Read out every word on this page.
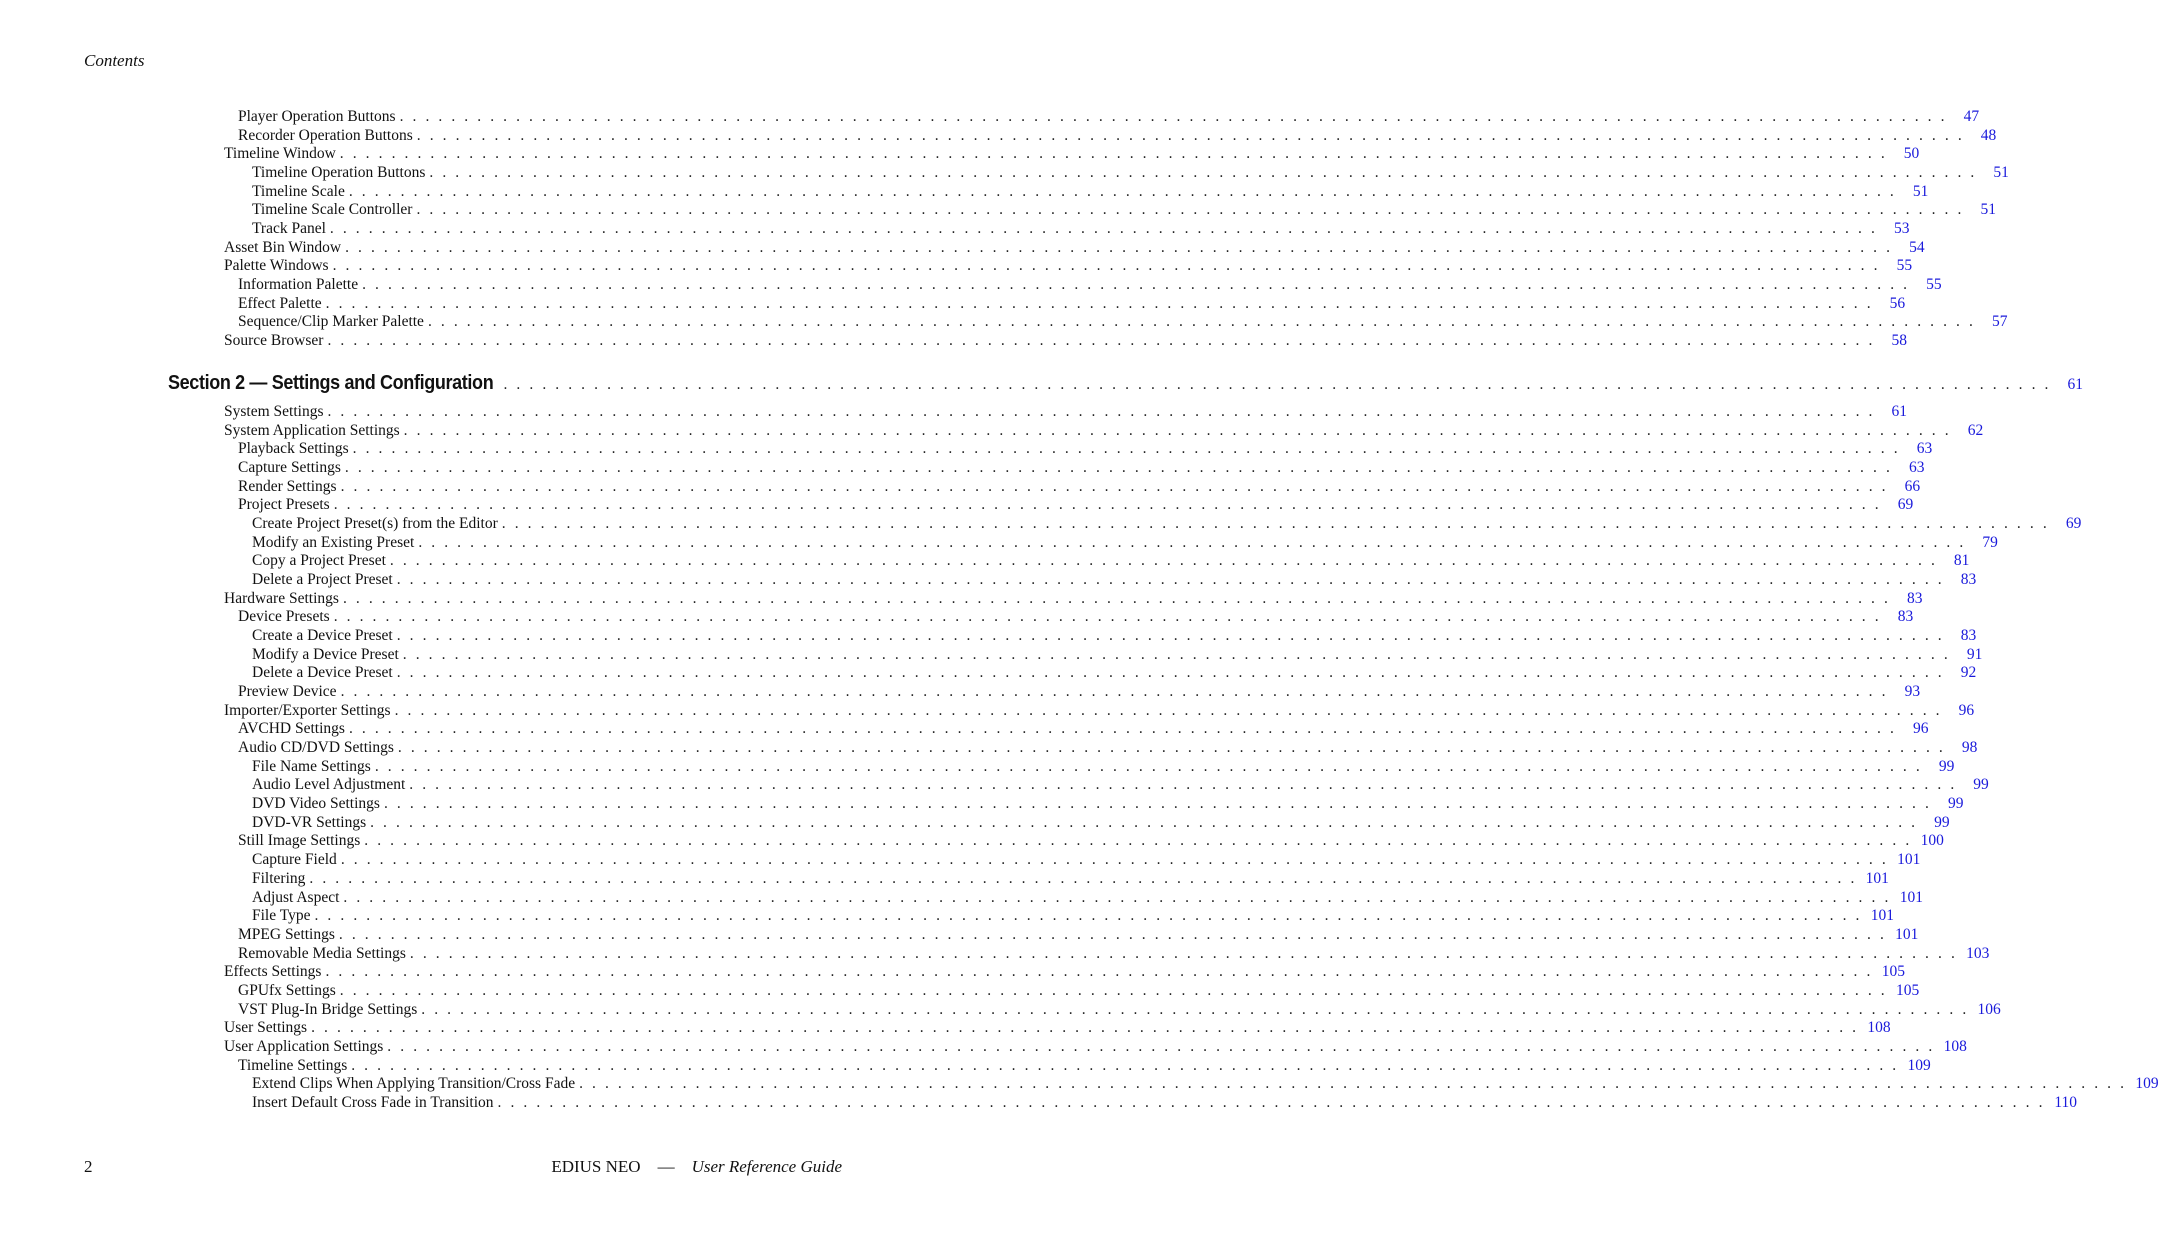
Contents
Player Operation Buttons . . . . . . . . . . . . . . . . . . . . . . . . . . . . . . . . . . . . . . . . . . . . . . . . . . . . . . . . . . . . . . . . . . . . . . . . . . . . . . . . . . . . . . . . . . . . . . . . . . . . . . . . . . . . . . . . . . . . . . . .	47
Recorder Operation Buttons . . . . . . . . . . . . . . . . . . . . . . . . . . . . . . . . . . . . . . . . . . . . . . . . . . . . . . . . . . . . . . . . . . . . . . . . . . . . . . . . . . . . . . . . . . . . . . . . . . . . . . . . . . . . . . . . . . . . . . . .	48
Timeline Window . . . . . . . . . . . . . . . . . . . . . . . . . . . . . . . . . . . . . . . . . . . . . . . . . . . . . . . . . . . . . . . . . . . . . . . . . . . . . . . . . . . . . . . . . . . . . . . . . . . . . . . . . . . . . . . . . . . . . . . .	50
Timeline Operation Buttons . . . . . . . . . . . . . . . . . . . . . . . . . . . . . . . . . . . . . . . . . . . . . . . . . . . . . . . . . . . . . . . . . . . . . . . . . . . . . . . . . . . . . . . . . . . . . . . . . . . . . . . . . . . . . . . . . . . . . . . .	51
Timeline Scale . . . . . . . . . . . . . . . . . . . . . . . . . . . . . . . . . . . . . . . . . . . . . . . . . . . . . . . . . . . . . . . . . . . . . . . . . . . . . . . . . . . . . . . . . . . . . . . . . . . . . . . . . . . . . . . . . . . . . . . .	51
Timeline Scale Controller . . . . . . . . . . . . . . . . . . . . . . . . . . . . . . . . . . . . . . . . . . . . . . . . . . . . . . . . . . . . . . . . . . . . . . . . . . . . . . . . . . . . . . . . . . . . . . . . . . . . . . . . . . . . . . . . . . . . . . . .	51
Track Panel . . . . . . . . . . . . . . . . . . . . . . . . . . . . . . . . . . . . . . . . . . . . . . . . . . . . . . . . . . . . . . . . . . . . . . . . . . . . . . . . . . . . . . . . . . . . . . . . . . . . . . . . . . . . . . . . . . . . . . . .	53
Asset Bin Window . . . . . . . . . . . . . . . . . . . . . . . . . . . . . . . . . . . . . . . . . . . . . . . . . . . . . . . . . . . . . . . . . . . . . . . . . . . . . . . . . . . . . . . . . . . . . . . . . . . . . . . . . . . . . . . . . . . . . . . .	54
Palette Windows . . . . . . . . . . . . . . . . . . . . . . . . . . . . . . . . . . . . . . . . . . . . . . . . . . . . . . . . . . . . . . . . . . . . . . . . . . . . . . . . . . . . . . . . . . . . . . . . . . . . . . . . . . . . . . . . . . . . . . . .	55
Information Palette . . . . . . . . . . . . . . . . . . . . . . . . . . . . . . . . . . . . . . . . . . . . . . . . . . . . . . . . . . . . . . . . . . . . . . . . . . . . . . . . . . . . . . . . . . . . . . . . . . . . . . . . . . . . . . . . . . . . . . . .	55
Effect Palette . . . . . . . . . . . . . . . . . . . . . . . . . . . . . . . . . . . . . . . . . . . . . . . . . . . . . . . . . . . . . . . . . . . . . . . . . . . . . . . . . . . . . . . . . . . . . . . . . . . . . . . . . . . . . . . . . . . . . . . .	56
Sequence/Clip Marker Palette . . . . . . . . . . . . . . . . . . . . . . . . . . . . . . . . . . . . . . . . . . . . . . . . . . . . . . . . . . . . . . . . . . . . . . . . . . . . . . . . . . . . . . . . . . . . . . . . . . . . . . . . . . . . . . . . . . . . . . . .	57
Source Browser . . . . . . . . . . . . . . . . . . . . . . . . . . . . . . . . . . . . . . . . . . . . . . . . . . . . . . . . . . . . . . . . . . . . . . . . . . . . . . . . . . . . . . . . . . . . . . . . . . . . . . . . . . . . . . . . . . . . . . . .	58
Section 2 — Settings and Configuration . . . . . . . . . . . . . . . . . . . . . . . . . . . . . . . . . . . . . . . . . . . . . . . . . . . . . . . . . . . . . . . . . . . . . . . . . . . . . . . . . . . . . . . . . . . . . . . . . . . . . . . . . . . . . . . . . . . . . . . .	61
System Settings . . . . . . . . . . . . . . . . . . . . . . . . . . . . . . . . . . . . . . . . . . . . . . . . . . . . . . . . . . . . . . . . . . . . . . . . . . . . . . . . . . . . . . . . . . . . . . . . . . . . . . . . . . . . . . . . . . . . . . . .	61
System Application Settings . . . . . . . . . . . . . . . . . . . . . . . . . . . . . . . . . . . . . . . . . . . . . . . . . . . . . . . . . . . . . . . . . . . . . . . . . . . . . . . . . . . . . . . . . . . . . . . . . . . . . . . . . . . . . . . . . . . . . . . .	62
Playback Settings . . . . . . . . . . . . . . . . . . . . . . . . . . . . . . . . . . . . . . . . . . . . . . . . . . . . . . . . . . . . . . . . . . . . . . . . . . . . . . . . . . . . . . . . . . . . . . . . . . . . . . . . . . . . . . . . . . . . . . . .	63
Capture Settings . . . . . . . . . . . . . . . . . . . . . . . . . . . . . . . . . . . . . . . . . . . . . . . . . . . . . . . . . . . . . . . . . . . . . . . . . . . . . . . . . . . . . . . . . . . . . . . . . . . . . . . . . . . . . . . . . . . . . . . .	63
Render Settings . . . . . . . . . . . . . . . . . . . . . . . . . . . . . . . . . . . . . . . . . . . . . . . . . . . . . . . . . . . . . . . . . . . . . . . . . . . . . . . . . . . . . . . . . . . . . . . . . . . . . . . . . . . . . . . . . . . . . . . .	66
Project Presets . . . . . . . . . . . . . . . . . . . . . . . . . . . . . . . . . . . . . . . . . . . . . . . . . . . . . . . . . . . . . . . . . . . . . . . . . . . . . . . . . . . . . . . . . . . . . . . . . . . . . . . . . . . . . . . . . . . . . . . .	69
Create Project Preset(s) from the Editor . . . . . . . . . . . . . . . . . . . . . . . . . . . . . . . . . . . . . . . . . . . . . . . . . . . . . . . . . . . . . . . . . . . . . . . . . . . . . . . . . . . . . . . . . . . . . . . . . . . . . . . . . . . . . . . . . . . . . . . .	69
Modify an Existing Preset . . . . . . . . . . . . . . . . . . . . . . . . . . . . . . . . . . . . . . . . . . . . . . . . . . . . . . . . . . . . . . . . . . . . . . . . . . . . . . . . . . . . . . . . . . . . . . . . . . . . . . . . . . . . . . . . . . . . . . . .	79
Copy a Project Preset . . . . . . . . . . . . . . . . . . . . . . . . . . . . . . . . . . . . . . . . . . . . . . . . . . . . . . . . . . . . . . . . . . . . . . . . . . . . . . . . . . . . . . . . . . . . . . . . . . . . . . . . . . . . . . . . . . . . . . . .	81
Delete a Project Preset . . . . . . . . . . . . . . . . . . . . . . . . . . . . . . . . . . . . . . . . . . . . . . . . . . . . . . . . . . . . . . . . . . . . . . . . . . . . . . . . . . . . . . . . . . . . . . . . . . . . . . . . . . . . . . . . . . . . . . . .	83
Hardware Settings . . . . . . . . . . . . . . . . . . . . . . . . . . . . . . . . . . . . . . . . . . . . . . . . . . . . . . . . . . . . . . . . . . . . . . . . . . . . . . . . . . . . . . . . . . . . . . . . . . . . . . . . . . . . . . . . . . . . . . . .	83
Device Presets . . . . . . . . . . . . . . . . . . . . . . . . . . . . . . . . . . . . . . . . . . . . . . . . . . . . . . . . . . . . . . . . . . . . . . . . . . . . . . . . . . . . . . . . . . . . . . . . . . . . . . . . . . . . . . . . . . . . . . . .	83
Create a Device Preset . . . . . . . . . . . . . . . . . . . . . . . . . . . . . . . . . . . . . . . . . . . . . . . . . . . . . . . . . . . . . . . . . . . . . . . . . . . . . . . . . . . . . . . . . . . . . . . . . . . . . . . . . . . . . . . . . . . . . . . .	83
Modify a Device Preset . . . . . . . . . . . . . . . . . . . . . . . . . . . . . . . . . . . . . . . . . . . . . . . . . . . . . . . . . . . . . . . . . . . . . . . . . . . . . . . . . . . . . . . . . . . . . . . . . . . . . . . . . . . . . . . . . . . . . . . .	91
Delete a Device Preset . . . . . . . . . . . . . . . . . . . . . . . . . . . . . . . . . . . . . . . . . . . . . . . . . . . . . . . . . . . . . . . . . . . . . . . . . . . . . . . . . . . . . . . . . . . . . . . . . . . . . . . . . . . . . . . . . . . . . . . .	92
Preview Device . . . . . . . . . . . . . . . . . . . . . . . . . . . . . . . . . . . . . . . . . . . . . . . . . . . . . . . . . . . . . . . . . . . . . . . . . . . . . . . . . . . . . . . . . . . . . . . . . . . . . . . . . . . . . . . . . . . . . . . .	93
Importer/Exporter Settings . . . . . . . . . . . . . . . . . . . . . . . . . . . . . . . . . . . . . . . . . . . . . . . . . . . . . . . . . . . . . . . . . . . . . . . . . . . . . . . . . . . . . . . . . . . . . . . . . . . . . . . . . . . . . . . . . . . . . . . .	96
AVCHD Settings . . . . . . . . . . . . . . . . . . . . . . . . . . . . . . . . . . . . . . . . . . . . . . . . . . . . . . . . . . . . . . . . . . . . . . . . . . . . . . . . . . . . . . . . . . . . . . . . . . . . . . . . . . . . . . . . . . . . . . . .	96
Audio CD/DVD Settings . . . . . . . . . . . . . . . . . . . . . . . . . . . . . . . . . . . . . . . . . . . . . . . . . . . . . . . . . . . . . . . . . . . . . . . . . . . . . . . . . . . . . . . . . . . . . . . . . . . . . . . . . . . . . . . . . . . . . . . .	98
File Name Settings . . . . . . . . . . . . . . . . . . . . . . . . . . . . . . . . . . . . . . . . . . . . . . . . . . . . . . . . . . . . . . . . . . . . . . . . . . . . . . . . . . . . . . . . . . . . . . . . . . . . . . . . . . . . . . . . . . . . . . . .	99
Audio Level Adjustment . . . . . . . . . . . . . . . . . . . . . . . . . . . . . . . . . . . . . . . . . . . . . . . . . . . . . . . . . . . . . . . . . . . . . . . . . . . . . . . . . . . . . . . . . . . . . . . . . . . . . . . . . . . . . . . . . . . . . . . .	99
DVD Video Settings . . . . . . . . . . . . . . . . . . . . . . . . . . . . . . . . . . . . . . . . . . . . . . . . . . . . . . . . . . . . . . . . . . . . . . . . . . . . . . . . . . . . . . . . . . . . . . . . . . . . . . . . . . . . . . . . . . . . . . . .	99
DVD-VR Settings . . . . . . . . . . . . . . . . . . . . . . . . . . . . . . . . . . . . . . . . . . . . . . . . . . . . . . . . . . . . . . . . . . . . . . . . . . . . . . . . . . . . . . . . . . . . . . . . . . . . . . . . . . . . . . . . . . . . . . . .	99
Still Image Settings . . . . . . . . . . . . . . . . . . . . . . . . . . . . . . . . . . . . . . . . . . . . . . . . . . . . . . . . . . . . . . . . . . . . . . . . . . . . . . . . . . . . . . . . . . . . . . . . . . . . . . . . . . . . . . . . . . . . . . . . 100
Capture Field . . . . . . . . . . . . . . . . . . . . . . . . . . . . . . . . . . . . . . . . . . . . . . . . . . . . . . . . . . . . . . . . . . . . . . . . . . . . . . . . . . . . . . . . . . . . . . . . . . . . . . . . . . . . . . . . . . . . . . . . 101
Filtering . . . . . . . . . . . . . . . . . . . . . . . . . . . . . . . . . . . . . . . . . . . . . . . . . . . . . . . . . . . . . . . . . . . . . . . . . . . . . . . . . . . . . . . . . . . . . . . . . . . . . . . . . . . . . . . . . . . . . . . . 101
Adjust Aspect . . . . . . . . . . . . . . . . . . . . . . . . . . . . . . . . . . . . . . . . . . . . . . . . . . . . . . . . . . . . . . . . . . . . . . . . . . . . . . . . . . . . . . . . . . . . . . . . . . . . . . . . . . . . . . . . . . . . . . . . 101
File Type . . . . . . . . . . . . . . . . . . . . . . . . . . . . . . . . . . . . . . . . . . . . . . . . . . . . . . . . . . . . . . . . . . . . . . . . . . . . . . . . . . . . . . . . . . . . . . . . . . . . . . . . . . . . . . . . . . . . . . . . 101
MPEG Settings . . . . . . . . . . . . . . . . . . . . . . . . . . . . . . . . . . . . . . . . . . . . . . . . . . . . . . . . . . . . . . . . . . . . . . . . . . . . . . . . . . . . . . . . . . . . . . . . . . . . . . . . . . . . . . . . . . . . . . . . 101
Removable Media Settings . . . . . . . . . . . . . . . . . . . . . . . . . . . . . . . . . . . . . . . . . . . . . . . . . . . . . . . . . . . . . . . . . . . . . . . . . . . . . . . . . . . . . . . . . . . . . . . . . . . . . . . . . . . . . . . . . . . . . . . . 103
Effects Settings . . . . . . . . . . . . . . . . . . . . . . . . . . . . . . . . . . . . . . . . . . . . . . . . . . . . . . . . . . . . . . . . . . . . . . . . . . . . . . . . . . . . . . . . . . . . . . . . . . . . . . . . . . . . . . . . . . . . . . . . 105
GPUfx Settings . . . . . . . . . . . . . . . . . . . . . . . . . . . . . . . . . . . . . . . . . . . . . . . . . . . . . . . . . . . . . . . . . . . . . . . . . . . . . . . . . . . . . . . . . . . . . . . . . . . . . . . . . . . . . . . . . . . . . . . . 105
VST Plug-In Bridge Settings . . . . . . . . . . . . . . . . . . . . . . . . . . . . . . . . . . . . . . . . . . . . . . . . . . . . . . . . . . . . . . . . . . . . . . . . . . . . . . . . . . . . . . . . . . . . . . . . . . . . . . . . . . . . . . . . . . . . . . . . 106
User Settings . . . . . . . . . . . . . . . . . . . . . . . . . . . . . . . . . . . . . . . . . . . . . . . . . . . . . . . . . . . . . . . . . . . . . . . . . . . . . . . . . . . . . . . . . . . . . . . . . . . . . . . . . . . . . . . . . . . . . . . . 108
User Application Settings . . . . . . . . . . . . . . . . . . . . . . . . . . . . . . . . . . . . . . . . . . . . . . . . . . . . . . . . . . . . . . . . . . . . . . . . . . . . . . . . . . . . . . . . . . . . . . . . . . . . . . . . . . . . . . . . . . . . . . . . 108
Timeline Settings . . . . . . . . . . . . . . . . . . . . . . . . . . . . . . . . . . . . . . . . . . . . . . . . . . . . . . . . . . . . . . . . . . . . . . . . . . . . . . . . . . . . . . . . . . . . . . . . . . . . . . . . . . . . . . . . . . . . . . . . 109
Extend Clips When Applying Transition/Cross Fade . . . . . . . . . . . . . . . . . . . . . . . . . . . . . . . . . . . . . . . . . . . . . . . . . . . . . . . . . . . . . . . . . . . . . . . . . . . . . . . . . . . . . . . . . . . . . . . . . . . . . . . . . . . . . . . . . . . . . . . . 109
Insert Default Cross Fade in Transition . . . . . . . . . . . . . . . . . . . . . . . . . . . . . . . . . . . . . . . . . . . . . . . . . . . . . . . . . . . . . . . . . . . . . . . . . . . . . . . . . . . . . . . . . . . . . . . . . . . . . . . . . . . . . . . . . . . . . . . . 110
2	EDIUS NEO — User Reference Guide
